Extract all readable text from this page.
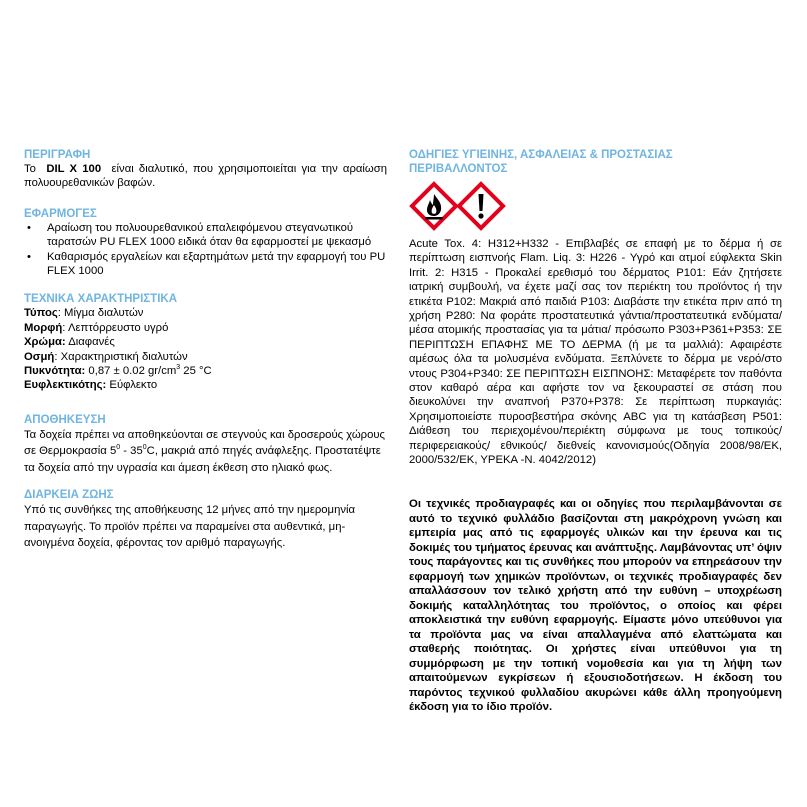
ΠΕΡΙΓΡΑΦΗ

Το DIL X 100 είναι διαλυτικό, που χρησιμοποιείται για την αραίωση πολυουρεθανικών βαφών.

ΕΦΑΡΜΟΓΕΣ

• Αραίωση του πολυουρεθανικού επαλειφόμενου στεγανωτικού ταρατσών PU FLEX 1000 ειδικά όταν θα εφαρμοστεί με ψεκασμό
• Καθαρισμός εργαλείων και εξαρτημάτων μετά την εφαρμογή του PU FLEX 1000

ΤΕΧΝΙΚΑ ΧΑΡΑΚΤΗΡΙΣΤΙΚΑ

Τύπος: Μίγμα διαλυτών
Μορφή: Λεπτόρρευστο υγρό
Χρώμα: Διαφανές
Οσμή: Χαρακτηριστική διαλυτών
Πυκνότητα: 0,87 ± 0.02 $gr/cm^3$ 25 °C
Ευφλεκτικότης: Εύφλεκτο

ΑΠΟΘΗΚΕΥΣΗ

Τα δοχεία πρέπει να αποθηκεύονται σε στεγνούς και δροσερούς χώρους σε Θερμοκρασία $5^0 - 35^0C$, μακριά από πηγές ανάφλεξης. Προστατέψτε τα δοχεία από την υγρασία και άμεση έκθεση στο ηλιακό φως.

ΔΙΑΡΚΕΙΑ ΖΩΗΣ

Υπό τις συνθήκες της αποθήκευσης 12 μήνες από την ημερομηνία παραγωγής. Το προϊόν πρέπει να παραμείνει στα αυθεντικά, μη-ανοιγμένα δοχεία, φέροντας τον αριθμό παραγωγής.

ΟΔΗΓΙΕΣ ΥΓΙΕΙΝΗΣ, ΑΣΦΑΛΕΙΑΣ & ΠΡΟΣΤΑΣΙΑΣ
ΠΕΡΙΒΑΛΛΟΝΤΟΣ

Acute Tox. 4: H312+H332 - Επιβλαβές σε επαφή με το δέρμα ή σε περίπτωση εισπνοής Flam. Liq. 3: H226 - Υγρό και ατμοί εύφλεκτα Skin Irrit. 2: H315 - Προκαλεί ερεθισμό του δέρματος P101: Εάν ζητήσετε ιατρική συμβουλή, να έχετε μαζί σας τον περιέκτη του προϊόντος ή την ετικέτα P102: Μακριά από παιδιά P103: Διαβάστε την ετικέτα πριν από τη χρήση P280: Να φοράτε προστατευτικά γάντια/προστατευτικά ενδύματα/ μέσα ατομικής προστασίας για τα μάτια/ πρόσωπο P303+P361+P353: ΣΕ ΠΕΡΙΠΤΩΣΗ ΕΠΑΦΗΣ ΜΕ ΤΟ ΔΕΡΜΑ (ή με τα μαλλιά): Αφαιρέστε αμέσως όλα τα μολυσμένα ενδύματα. Ξεπλύνετε το δέρμα με νερό/στο ντους P304+P340: ΣΕ ΠΕΡΙΠΤΩΣΗ ΕΙΣΠΝΟΗΣ: Μεταφέρετε τον παθόντα στον καθαρό αέρα και αφήστε τον να ξεκουραστεί σε στάση που διευκολύνει την αναπνοή P370+P378: Σε περίπτωση πυρκαγιάς: Χρησιμοποιείστε πυροσβεστήρα σκόνης ABC για τη κατάσβεση P501: Διάθεση του περιεχομένου/περιέκτη σύμφωνα με τους τοπικούς/ περιφερειακούς/ εθνικούς/ διεθνείς κανονισμούς(Οδηγία 2008/98/ΕΚ, 2000/532/ΕΚ, ΥΡΕΚΑ -Ν. 4042/2012)

Οι τεχνικές προδιαγραφές και οι οδηγίες που περιλαμβάνονται σε αυτό το τεχνικό φυλλάδιο βασίζονται στη μακρόχρονη γνώση και εμπειρία μας από τις εφαρμογές υλικών και την έρευνα και τις δοκιμές του τμήματος έρευνας και ανάπτυξης. Λαμβάνοντας υπ’ όψιν τους παράγοντες και τις συνθήκες που μπορούν να επηρεάσουν την εφαρμογή των χημικών προϊόντων, οι τεχνικές προδιαγραφές δεν απαλλάσσουν τον τελικό χρήστη από την ευθύνη – υποχρέωση δοκιμής καταλληλότητας του προϊόντος, ο οποίος και φέρει αποκλειστικά την ευθύνη εφαρμογής. Είμαστε μόνο υπεύθυνοι για τα προϊόντα μας να είναι απαλλαγμένα από ελαττώματα και σταθερής ποιότητας. Οι χρήστες είναι υπεύθυνοι για τη συμμόρφωση με την τοπική νομοθεσία και για τη λήψη των απαιτούμενων εγκρίσεων ή εξουσιοδοτήσεων. Η έκδοση του παρόντος τεχνικού φυλλαδίου ακυρώνει κάθε άλλη προηγούμενη έκδοση για το ίδιο προϊόν.
